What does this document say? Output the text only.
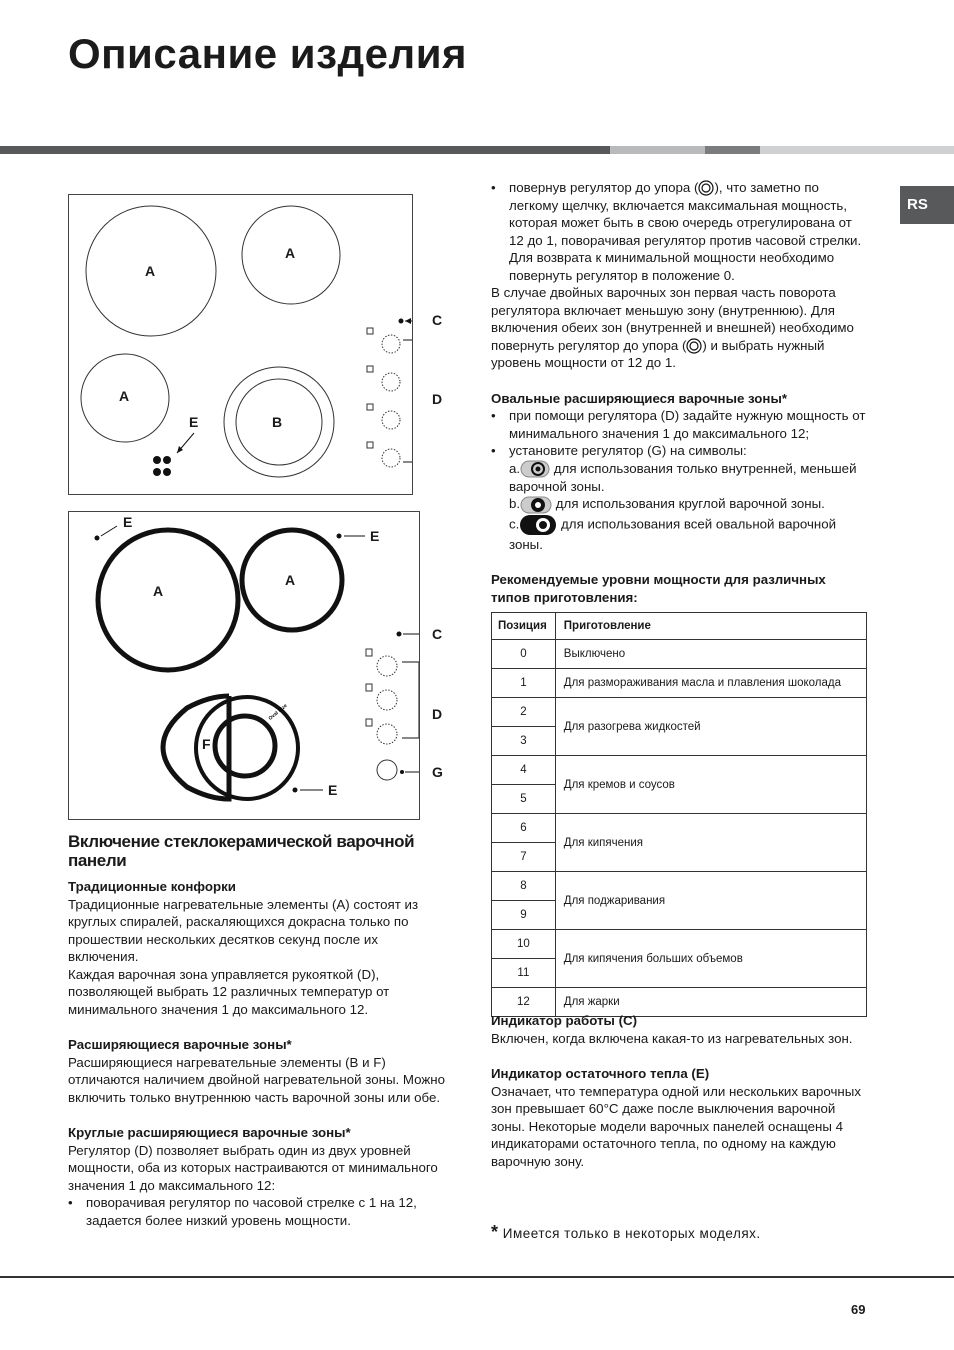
Описание изделия
RS
A
A
A
B
E
C
D
Oval Size
E
E
A
A
F
E
C
D
G
Включение стеклокерамической варочной панели
Традиционные конфорки
Традиционные нагревательные элементы (A) состоят из круглых спиралей, раскаляющихся докрасна только по прошествии нескольких десятков секунд после их включения.
Каждая варочная зона управляется рукояткой (D), позволяющей выбрать 12 различных температур от минимального значения 1 до максимального 12.
Расширяющиеся варочные зоны*
Расширяющиеся нагревательные элементы (B и F) отличаются наличием двойной нагревательной зоны. Можно включить только внутреннюю часть варочной зоны или обе.
Круглые расширяющиеся варочные зоны*
Регулятор (D) позволяет выбрать один из двух уровней мощности, оба из которых настраиваются от минимального значения 1 до максимального 12:
• поворачивая регулятор по часовой стрелке с 1 на 12, задается более низкий уровень мощности.
• повернув регулятор до упора ( ), что заметно по легкому щелчку, включается максимальная мощность, которая может быть в свою очередь отрегулирована от 12 до 1, поворачивая регулятор против часовой стрелки. Для возврата к минимальной мощности необходимо повернуть регулятор в положение 0.
В случае двойных варочных зон первая часть поворота регулятора включает меньшую зону (внутреннюю). Для включения обеих зон (внутренней и внешней) необходимо повернуть регулятор до упора ( ) и выбрать нужный уровень мощности от 12 до 1.
Овальные расширяющиеся варочные зоны*
• при помощи регулятора (D) задайте нужную мощность от минимального значения 1 до максимального 12;
• установите регулятор (G) на символы:
a.	для использования только внутренней, меньшей варочной зоны.
b.	для использования круглой варочной зоны.
c.	для использования всей овальной варочной зоны.
Рекомендуемые уровни мощности для различных типов приготовления:
Позиция	Приготовление
0	Выключено
1	Для размораживания масла и плавления шоколада
2	Для разогрева жидкостей
3	
4	Для кремов и соусов
5	
6	Для кипячения
7	
8	Для поджаривания
9	
10	Для кипячения больших объемов
11	
12	Для жарки
Индикатор работы (C)
Включен, когда включена какая-то из нагревательных зон.
Индикатор остаточного тепла (E)
Означает, что температура одной или нескольких варочных зон превышает 60°C даже после выключения варочной зоны. Некоторые модели варочных панелей оснащены 4 индикаторами остаточного тепла, по одному на каждую варочную зону.
* Имеется только в некоторых моделях.
69
